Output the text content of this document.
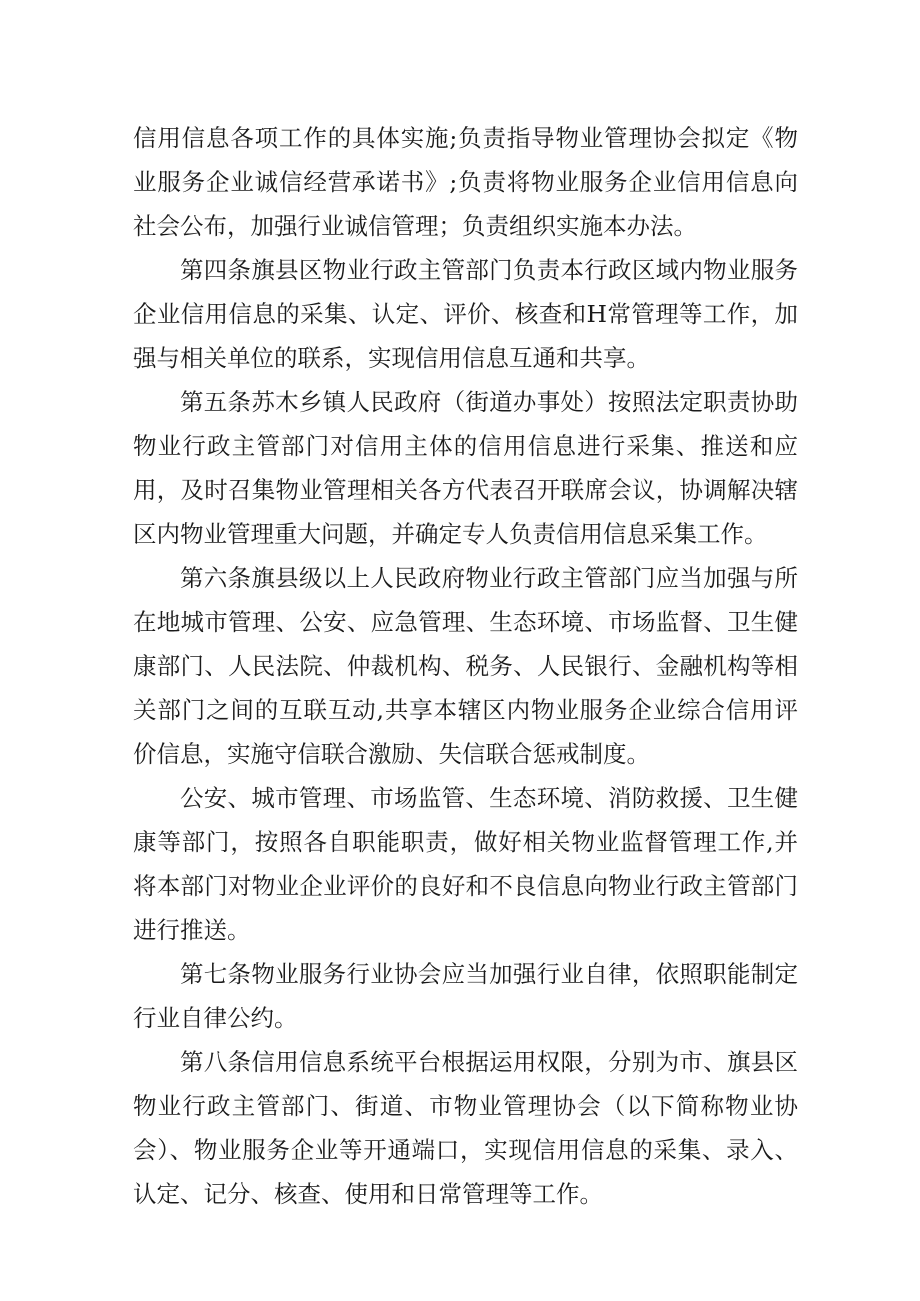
信用信息各项工作的具体实施;负责指导物业管理协会拟定《物业服务企业诚信经营承诺书》;负责将物业服务企业信用信息向社会公布，加强行业诚信管理；负责组织实施本办法。

第四条旗县区物业行政主管部门负责本行政区域内物业服务企业信用信息的采集、认定、评价、核查和H常管理等工作，加强与相关单位的联系，实现信用信息互通和共享。

第五条苏木乡镇人民政府（街道办事处）按照法定职责协助物业行政主管部门对信用主体的信用信息进行采集、推送和应用，及时召集物业管理相关各方代表召开联席会议，协调解决辖区内物业管理重大问题，并确定专人负责信用信息采集工作。

第六条旗县级以上人民政府物业行政主管部门应当加强与所在地城市管理、公安、应急管理、生态环境、市场监督、卫生健康部门、人民法院、仲裁机构、税务、人民银行、金融机构等相关部门之间的互联互动,共享本辖区内物业服务企业综合信用评价信息，实施守信联合激励、失信联合惩戒制度。

公安、城市管理、市场监管、生态环境、消防救援、卫生健康等部门，按照各自职能职责，做好相关物业监督管理工作,并将本部门对物业企业评价的良好和不良信息向物业行政主管部门进行推送。

第七条物业服务行业协会应当加强行业自律，依照职能制定行业自律公约。

第八条信用信息系统平台根据运用权限，分别为市、旗县区物业行政主管部门、街道、市物业管理协会（以下简称物业协会）、物业服务企业等开通端口，实现信用信息的采集、录入、认定、记分、核查、使用和日常管理等工作。
